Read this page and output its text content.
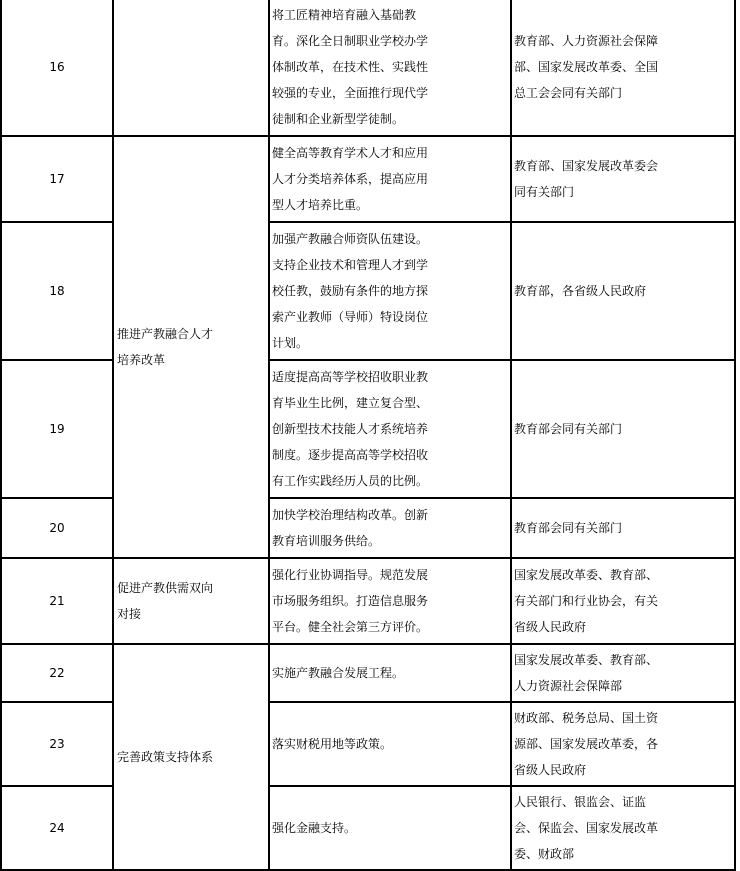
16		将工匠精神培育融入基础教
育。深化全日制职业学校办学
体制改革，在技术性、实践性
较强的专业，全面推行现代学
徒制和企业新型学徒制。	教育部、人力资源社会保障
部、国家发展改革委、全国
总工会会同有关部门

17	推进产教融合人才
培养改革	健全高等教育学术人才和应用
人才分类培养体系，提高应用
型人才培养比重。	教育部、国家发展改革委会
同有关部门

18		加强产教融合师资队伍建设。
支持企业技术和管理人才到学
校任教，鼓励有条件的地方探
索产业教师（导师）特设岗位
计划。	教育部，各省级人民政府

19		适度提高高等学校招收职业教
育毕业生比例，建立复合型、
创新型技术技能人才系统培养
制度。逐步提高高等学校招收
有工作实践经历人员的比例。	教育部会同有关部门

20		加快学校治理结构改革。创新
教育培训服务供给。	教育部会同有关部门

21	促进产教供需双向
对接	强化行业协调指导。规范发展
市场服务组织。打造信息服务
平台。健全社会第三方评价。	国家发展改革委、教育部、
有关部门和行业协会，有关
省级人民政府

22	完善政策支持体系	实施产教融合发展工程。	国家发展改革委、教育部、
人力资源社会保障部

23		落实财税用地等政策。	财政部、税务总局、国土资
源部、国家发展改革委，各
省级人民政府

24		强化金融支持。	人民银行、银监会、证监
会、保监会、国家发展改革
委、财政部
